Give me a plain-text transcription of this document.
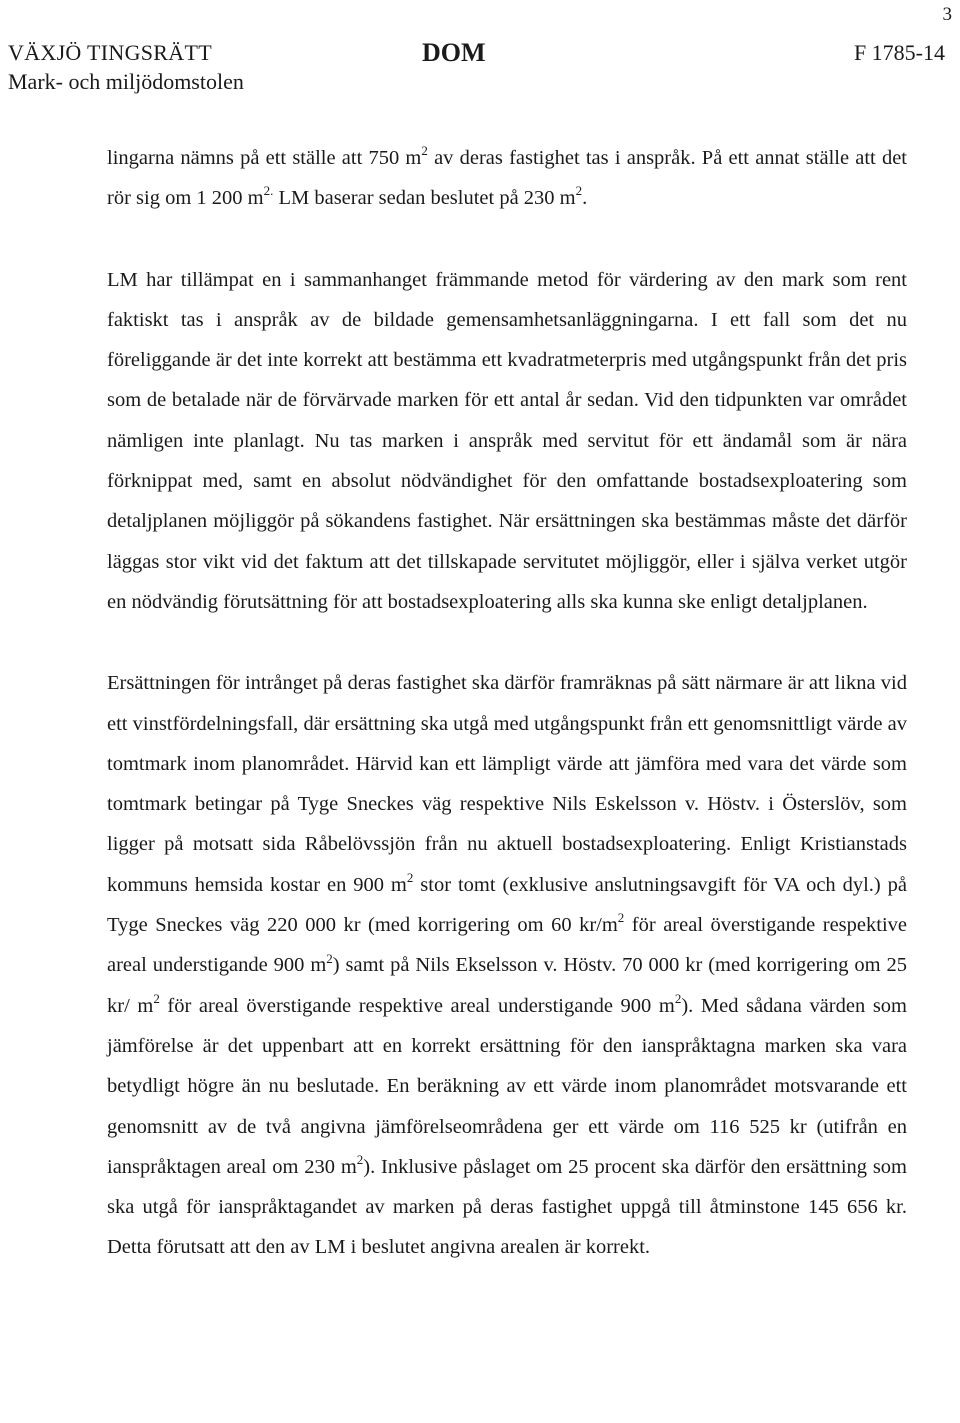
3
VÄXJÖ TINGSRÄTT
Mark- och miljödomstolen
DOM	F 1785-14

lingarna nämns på ett ställe att 750 $m^2$ av deras fastighet tas i anspråk. På ett annat ställe att det rör sig om 1 200 $m^{2.}$ LM baserar sedan beslutet på 230 $m^2$.

LM har tillämpat en i sammanhanget främmande metod för värdering av den mark som rent faktiskt tas i anspråk av de bildade gemensamhetsanläggningarna. I ett fall som det nu föreliggande är det inte korrekt att bestämma ett kvadratmeterpris med utgångspunkt från det pris som de betalade när de förvärvade marken för ett antal år sedan. Vid den tidpunkten var området nämligen inte planlagt. Nu tas marken i anspråk med servitut för ett ändamål som är nära förknippat med, samt en absolut nödvändighet för den omfattande bostadsexploatering som detaljplanen möjliggör på sökandens fastighet. När ersättningen ska bestämmas måste det därför läggas stor vikt vid det faktum att det tillskapade servitutet möjliggör, eller i själva verket utgör en nödvändig förutsättning för att bostadsexploatering alls ska kunna ske enligt detaljplanen.

Ersättningen för intrånget på deras fastighet ska därför framräknas på sätt närmare är att likna vid ett vinstfördelningsfall, där ersättning ska utgå med utgångspunkt från ett genomsnittligt värde av tomtmark inom planområdet. Härvid kan ett lämpligt värde att jämföra med vara det värde som tomtmark betingar på Tyge Sneckes väg respektive Nils Eskelsson v. Höstv. i Österslöv, som ligger på motsatt sida Råbelövssjön från nu aktuell bostadsexploatering. Enligt Kristianstads kommuns hemsida kostar en 900 $m^2$ stor tomt (exklusive anslutningsavgift för VA och dyl.) på Tyge Sneckes väg 220 000 kr (med korrigering om 60 $kr/m^2$ för areal överstigande respektive areal understigande 900 $m^2$) samt på Nils Ekselsson v. Höstv. 70 000 kr (med korrigering om 25 kr/ $m^2$ för areal överstigande respektive areal understigande 900 $m^2$). Med sådana värden som jämförelse är det uppenbart att en korrekt ersättning för den ianspråktagna marken ska vara betydligt högre än nu beslutade. En beräkning av ett värde inom planområdet motsvarande ett genomsnitt av de två angivna jämförelseområdena ger ett värde om 116 525 kr (utifrån en ianspråktagen areal om 230 $m^2$). Inklusive påslaget om 25 procent ska därför den ersättning som ska utgå för ianspråktagandet av marken på deras fastighet uppgå till åtminstone 145 656 kr. Detta förutsatt att den av LM i beslutet angivna arealen är korrekt.
